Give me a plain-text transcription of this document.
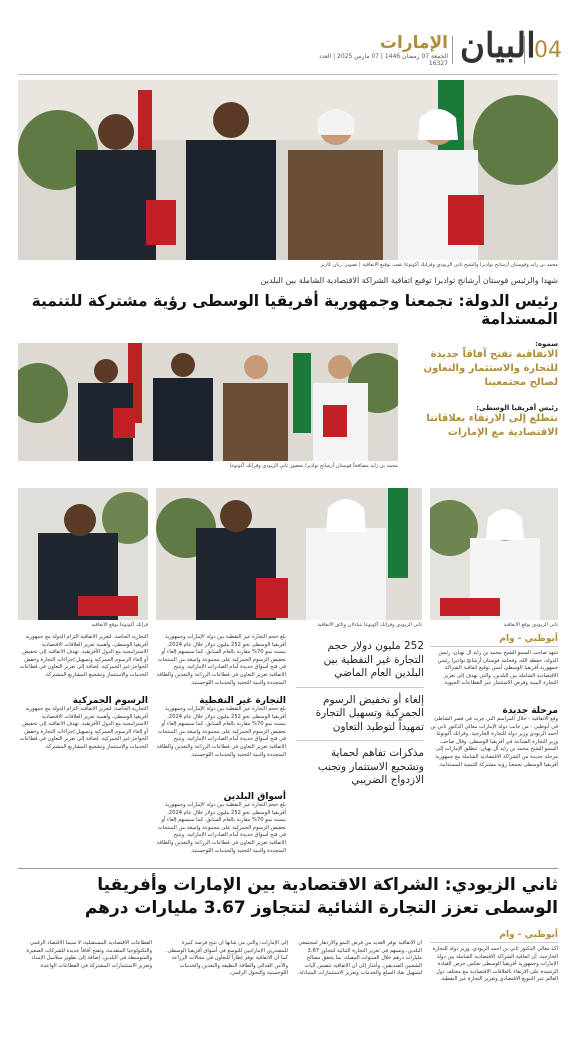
04
البيان
الإمارات
الجمعة 07 رمضان 1446 | 07 مارس 2025 | العدد 16327
محمد بن زايد وفوستان أرشانج تواديرا والشيخ ثاني الزيودي وفرانك أكوتوغا عقب توقيع الاتفاقية | تصوير: ريان كارتر
شهدا والرئيس فوستان أرشانج تواديرا توقيع اتفاقية الشراكة الاقتصادية الشاملة بين البلدين
رئيس الدولة: تجمعنا وجمهورية أفريقيا الوسطى رؤية مشتركة للتنمية المستدامة
سموه:
الاتفاقية تفتح آفاقاً جديدة للتجارة والاستثمار والتعاون لصالح مجتمعينا
رئيس أفريقيا الوسطى:
نتطلع إلى الارتقاء بعلاقاتنا الاقتصادية مع الإمارات
محمد بن زايد مصافحاً فوستان أرشانج تواديرا بحضور ثاني الزيودي وفرانك أكوتوغا
ثاني الزيودي يوقع الاتفاقية
ثاني الزيودي وفرانك أكوتوغا يتبادلان وثائق الاتفاقية
فرانك أكوتوغا يوقع الاتفاقية
أبوظبي - وام
شهد صاحب السمو الشيخ محمد بن زايد آل نهيان، رئيس الدولة، حفظه الله، وفخامة فوستان أرشانج تواديرا رئيس جمهورية أفريقيا الوسطى أمس توقيع اتفاقية الشراكة الاقتصادية الشاملة بين البلدين، والتي تهدف إلى تعزيز التجارة البينية وفرص الاستثمار عبر القطاعات الحيوية.
مرحلة جديدة
وقع الاتفاقية - خلال المراسم التي جرت في قصر الشاطئ في أبوظبي - من جانب دولة الإمارات معالي الدكتور ثاني بن أحمد الزيودي وزير دولة للتجارة الخارجية، وفرانك أكوتوغا وزير التجارة الصناعة في أفريقيا الوسطى. وقال صاحب السمو الشيخ محمد بن زايد آل نهيان: تنطلق الإمارات إلى مرحلة جديدة من الشراكة الاقتصادية الشاملة مع جمهورية أفريقيا الوسطى تجمعنا رؤية مشتركة للتنمية المستدامة.
252 مليون دولار حجم التجارة غير النفطية بين البلدين العام الماضي
إلغاء أو تخفيض الرسوم الجمركية وتسهيل التجارة تمهيداً لتوطيد التعاون
مذكرات تفاهم لحماية وتشجيع الاستثمار وتجنب الازدواج الضريبي
بلغ حجم التجارة غير النفطية بين دولة الإمارات وجمهورية أفريقيا الوسطى نحو 252 مليون دولار خلال عام 2024، بنسبة نمو 70% مقارنة بالعام السابق. كما سيسهم إلغاء أو تخفيض الرسوم الجمركية على مجموعة واسعة من المنتجات في فتح أسواق جديدة أمام الصادرات الإماراتية. وتتيح الاتفاقية تعزيز التعاون في قطاعات الزراعة والتعدين والطاقة المتجددة والبنية التحتية والخدمات اللوجستية.
التجارة غير النفطية
بلغ حجم التجارة غير النفطية بين دولة الإمارات وجمهورية أفريقيا الوسطى نحو 252 مليون دولار خلال عام 2024، بنسبة نمو 70% مقارنة بالعام السابق. كما سيسهم إلغاء أو تخفيض الرسوم الجمركية على مجموعة واسعة من المنتجات في فتح أسواق جديدة أمام الصادرات الإماراتية. وتتيح الاتفاقية تعزيز التعاون في قطاعات الزراعة والتعدين والطاقة المتجددة والبنية التحتية والخدمات اللوجستية.
أسواق البلدين
بلغ حجم التجارة غير النفطية بين دولة الإمارات وجمهورية أفريقيا الوسطى نحو 252 مليون دولار خلال عام 2024، بنسبة نمو 70% مقارنة بالعام السابق. كما سيسهم إلغاء أو تخفيض الرسوم الجمركية على مجموعة واسعة من المنتجات في فتح أسواق جديدة أمام الصادرات الإماراتية. وتتيح الاتفاقية تعزيز التعاون في قطاعات الزراعة والتعدين والطاقة المتجددة والبنية التحتية والخدمات اللوجستية.
التجارية الخاصة، لتعزيز الاتفاقية التزام الدولة مع جمهورية أفريقيا الوسطى، وأهمية تعزيز العلاقات الاقتصادية الاستراتيجية مع الدول الأفريقية. تهدف الاتفاقية إلى تخفيض أو إلغاء الرسوم الجمركية وتسهيل إجراءات التجارة وخفض الحواجز غير الجمركية، إضافة إلى تعزيز التعاون في قطاعات الخدمات والاستثمار وتشجيع المشاريع المشتركة.
الرسوم الجمركية
التجارية الخاصة، لتعزيز الاتفاقية التزام الدولة مع جمهورية أفريقيا الوسطى، وأهمية تعزيز العلاقات الاقتصادية الاستراتيجية مع الدول الأفريقية. تهدف الاتفاقية إلى تخفيض أو إلغاء الرسوم الجمركية وتسهيل إجراءات التجارة وخفض الحواجز غير الجمركية، إضافة إلى تعزيز التعاون في قطاعات الخدمات والاستثمار وتشجيع المشاريع المشتركة.
ثاني الزيودي: الشراكة الاقتصادية بين الإمارات وأفريقيا الوسطى تعزز التجارة الثنائية لتتجاوز 3.67 مليارات درهم
أبوظبي - وام
أكد معالي الدكتور ثاني بن أحمد الزيودي، وزير دولة للتجارة الخارجية، أن اتفاقية الشراكة الاقتصادية الشاملة بين دولة الإمارات وجمهورية أفريقيا الوسطى تعكس حرص القيادة الرشيدة على الارتقاء بالعلاقات الاقتصادية مع مختلف دول العالم عبر التنويع الاقتصادي وتعزيز التجارة غير النفطية.
أن الاتفاقية توفر العديد من فرص النمو والازدهار لمجتمعي البلدين، وتسهم في تعزيز التجارة الثنائية لتتجاوز 3.67 مليارات درهم خلال السنوات المقبلة، بما يحقق مصالح الشعبين الصديقين. وأشار إلى أن الاتفاقية تتضمن آليات لتسهيل نفاذ السلع والخدمات وتعزيز الاستثمارات المتبادلة.
إلى الإمارات، والتي من شأنها أن تتيح فرصة كبيرة للمصدرين الإماراتيين للتوسع في أسواق أفريقيا الوسطى. كما أن الاتفاقية توفر إطاراً للتعاون في مجالات الزراعة والأمن الغذائي والطاقة النظيفة والتعدين والخدمات اللوجستية والتحول الرقمي.
القطاعات الاقتصادية المستقبلية، لا سيما الاقتصاد الرقمي والتكنولوجيا المتقدمة، وتفتح آفاقاً جديدة للشركات الصغيرة والمتوسطة في البلدين، إضافة إلى تطوير سلاسل الإمداد وتعزيز الاستثمارات المشتركة في القطاعات الواعدة.
